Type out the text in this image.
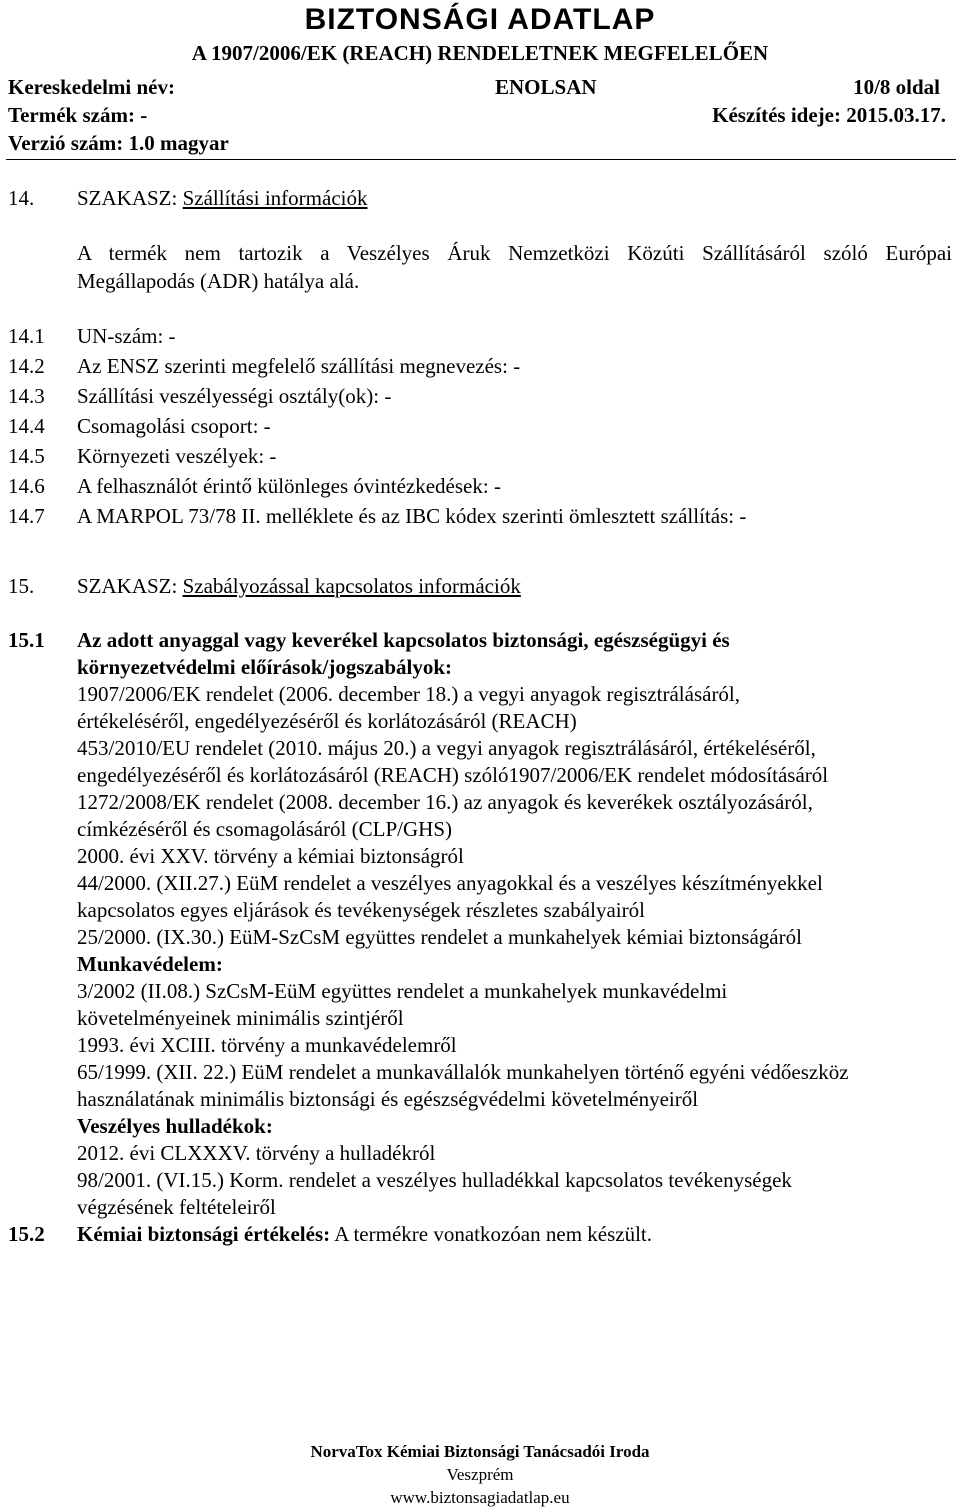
BIZTONSÁGI ADATLAP
A 1907/2006/EK (REACH) RENDELETNEK MEGFELELŐEN
Kereskedelmi név:	ENOLSAN	10/8 oldal
Termék szám: -	Készítés ideje: 2015.03.17.
Verzió szám: 1.0 magyar
14. SZAKASZ: Szállítási információk
A termék nem tartozik a Veszélyes Áruk Nemzetközi Közúti Szállításáról szóló Európai
Megállapodás (ADR) hatálya alá.
14.1 UN-szám: -
14.2 Az ENSZ szerinti megfelelő szállítási megnevezés: -
14.3 Szállítási veszélyességi osztály(ok): -
14.4 Csomagolási csoport: -
14.5 Környezeti veszélyek: -
14.6 A felhasználót érintő különleges óvintézkedések: -
14.7 A MARPOL 73/78 II. melléklete és az IBC kódex szerinti ömlesztett szállítás: -
15. SZAKASZ: Szabályozással kapcsolatos információk
15.1 Az adott anyaggal vagy keverékel kapcsolatos biztonsági, egészségügyi és
környezetvédelmi előírások/jogszabályok:
1907/2006/EK rendelet (2006. december 18.) a vegyi anyagok regisztrálásáról,
értékeléséről, engedélyezéséről és korlátozásáról (REACH)
453/2010/EU rendelet (2010. május 20.) a vegyi anyagok regisztrálásáról, értékeléséről,
engedélyezéséről és korlátozásáról (REACH) szóló1907/2006/EK rendelet módosításáról
1272/2008/EK rendelet (2008. december 16.) az anyagok és keverékek osztályozásáról,
címkézéséről és csomagolásáról (CLP/GHS)
2000. évi XXV. törvény a kémiai biztonságról
44/2000. (XII.27.) EüM rendelet a veszélyes anyagokkal és a veszélyes készítményekkel
kapcsolatos egyes eljárások és tevékenységek részletes szabályairól
25/2000. (IX.30.) EüM-SzCsM együttes rendelet a munkahelyek kémiai biztonságáról
Munkavédelem:
3/2002 (II.08.) SzCsM-EüM együttes rendelet a munkahelyek munkavédelmi
követelményeinek minimális szintjéről
1993. évi XCIII. törvény a munkavédelemről
65/1999. (XII. 22.) EüM rendelet a munkavállalók munkahelyen történő egyéni védőeszköz
használatának minimális biztonsági és egészségvédelmi követelményeiről
Veszélyes hulladékok:
2012. évi CLXXXV. törvény a hulladékról
98/2001. (VI.15.) Korm. rendelet a veszélyes hulladékkal kapcsolatos tevékenységek
végzésének feltételeiről
15.2 Kémiai biztonsági értékelés: A termékre vonatkozóan nem készült.
NorvaTox Kémiai Biztonsági Tanácsadói Iroda
Veszprém
www.biztonsagiadatlap.eu
